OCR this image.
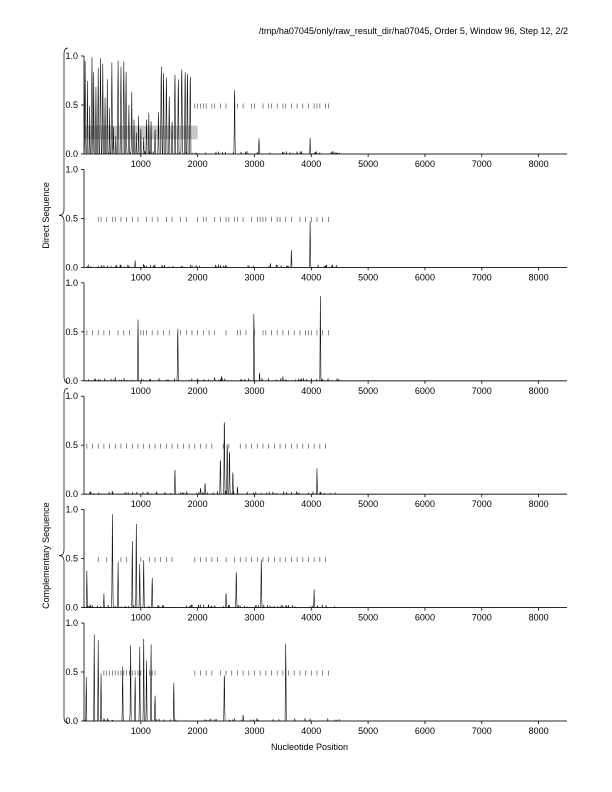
/tmp/ha07045/only/raw_result_dir/ha07045, Order 5, Window 96, Step 12, 2/2
0.0
0.5
1.0
1000	2000	3000	4000	5000	6000	7000	8000
0.0
0.5
1.0
1000	2000	3000	4000	5000	6000	7000	8000
0.0
0.5
1.0
1000	2000	3000	4000	5000	6000	7000	8000
0.0
0.5
1.0
1000	2000	3000	4000	5000	6000	7000	8000
0.0
0.5
1.0
1000	2000	3000	4000	5000	6000	7000	8000
0.0
0.5
1.0
1000	2000	3000	4000	5000	6000	7000	8000
Direct Sequence
Complementary Sequence
Nucleotide Position
